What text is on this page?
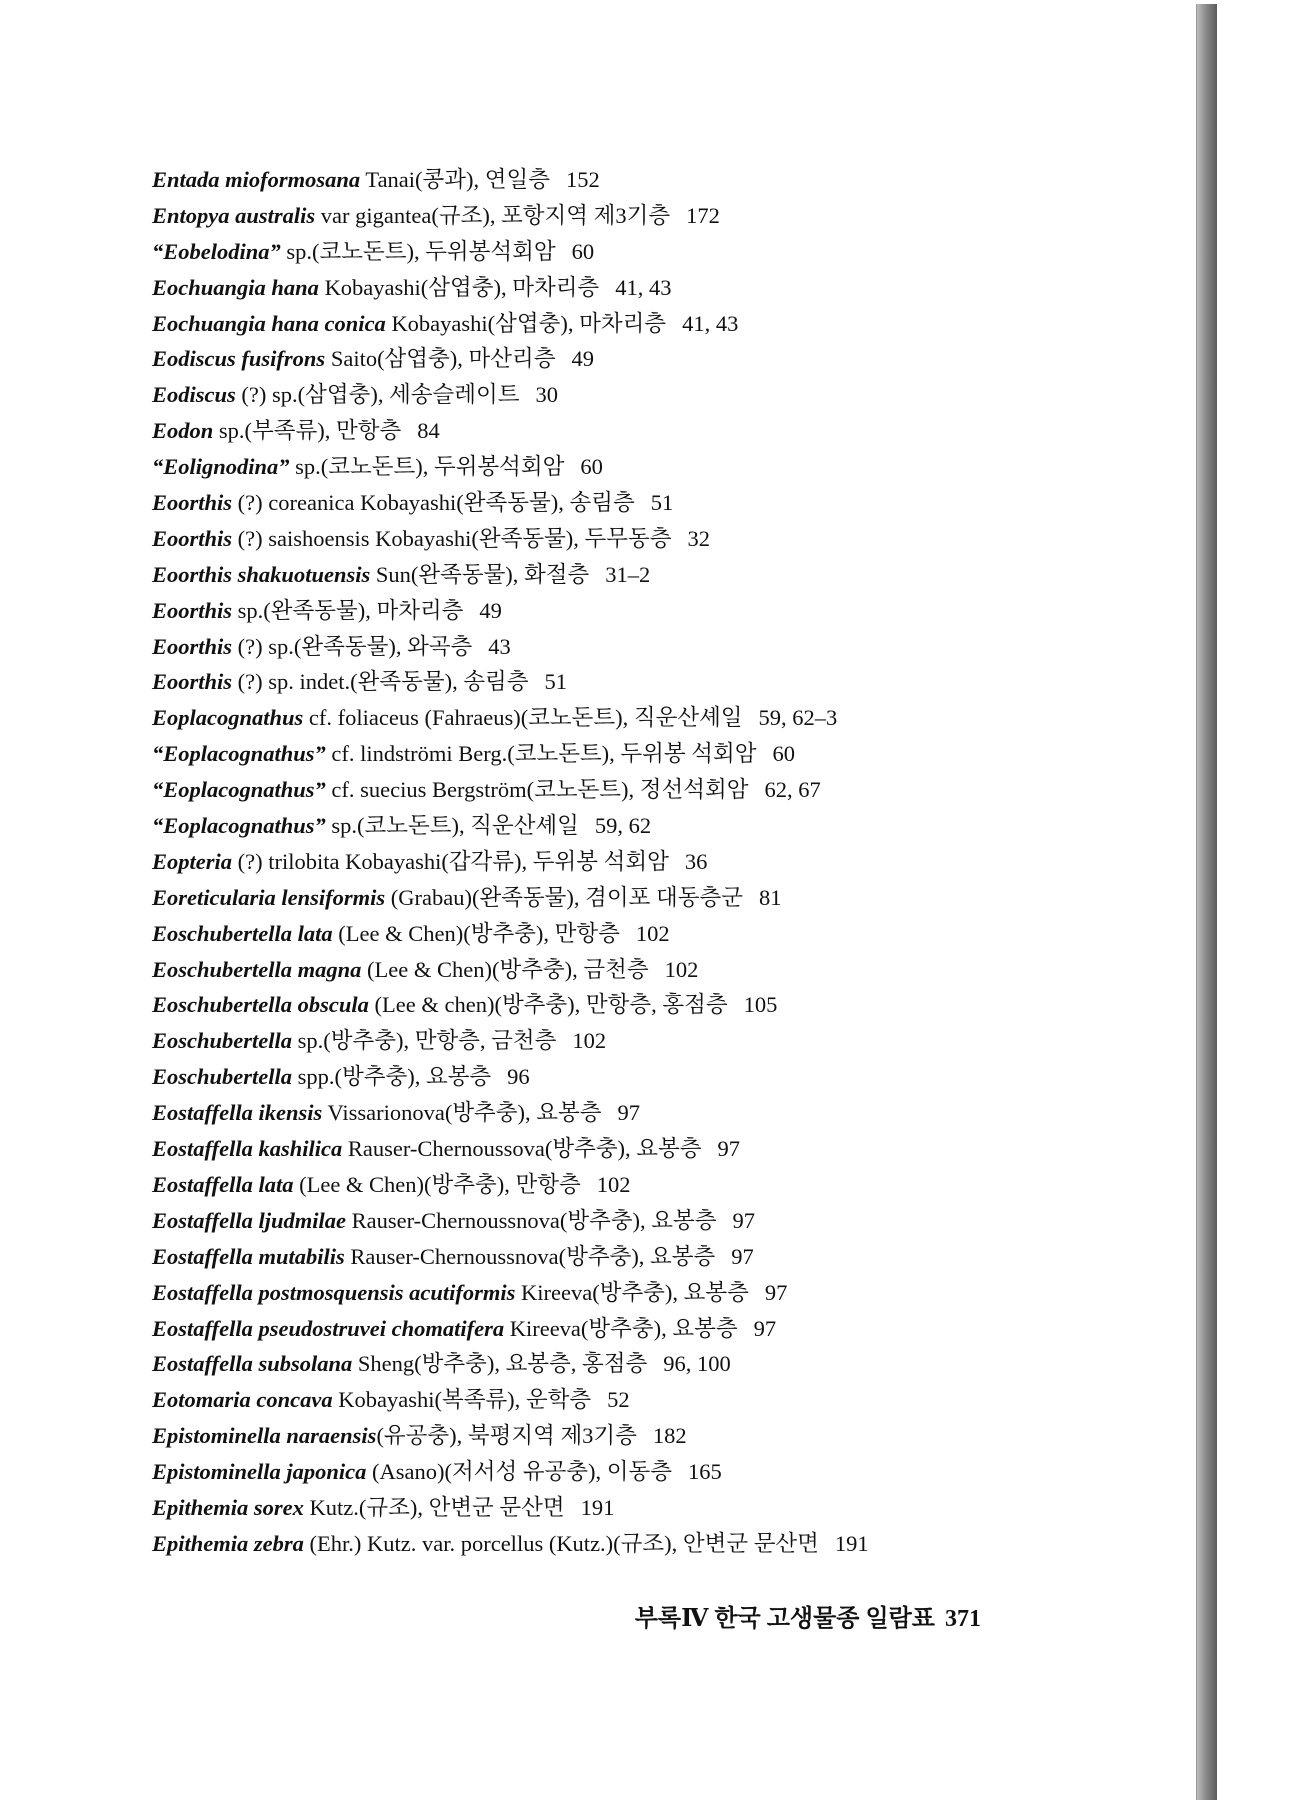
Entada mioformosana Tanai(콩과), 연일층 152
Entopya australis var gigantea(규조), 포항지역 제3기층 172
“Eobelodina” sp.(코노돈트), 두위봉석회암 60
Eochuangia hana Kobayashi(삼엽충), 마차리층 41, 43
Eochuangia hana conica Kobayashi(삼엽충), 마차리층 41, 43
Eodiscus fusifrons Saito(삼엽충), 마산리층 49
Eodiscus (?) sp.(삼엽충), 세송슬레이트 30
Eodon sp.(부족류), 만항층 84
“Eolignodina” sp.(코노돈트), 두위봉석회암 60
Eoorthis (?) coreanica Kobayashi(완족동물), 송림층 51
Eoorthis (?) saishoensis Kobayashi(완족동물), 두무동층 32
Eoorthis shakuotuensis Sun(완족동물), 화절층 31–2
Eoorthis sp.(완족동물), 마차리층 49
Eoorthis (?) sp.(완족동물), 와곡층 43
Eoorthis (?) sp. indet.(완족동물), 송림층 51
Eoplacognathus cf. foliaceus (Fahraeus)(코노돈트), 직운산셰일 59, 62–3
“Eoplacognathus” cf. lindströmi Berg.(코노돈트), 두위봉 석회암 60
“Eoplacognathus” cf. suecius Bergström(코노돈트), 정선석회암 62, 67
“Eoplacognathus” sp.(코노돈트), 직운산셰일 59, 62
Eopteria (?) trilobita Kobayashi(갑각류), 두위봉 석회암 36
Eoreticularia lensiformis (Grabau)(완족동물), 겸이포 대동층군 81
Eoschubertella lata (Lee & Chen)(방추충), 만항층 102
Eoschubertella magna (Lee & Chen)(방추충), 금천층 102
Eoschubertella obscula (Lee & chen)(방추충), 만항층, 홍점층 105
Eoschubertella sp.(방추충), 만항층, 금천층 102
Eoschubertella spp.(방추충), 요봉층 96
Eostaffella ikensis Vissarionova(방추충), 요봉층 97
Eostaffella kashilica Rauser-Chernoussova(방추충), 요봉층 97
Eostaffella lata (Lee & Chen)(방추충), 만항층 102
Eostaffella ljudmilae Rauser-Chernoussnova(방추충), 요봉층 97
Eostaffella mutabilis Rauser-Chernoussnova(방추충), 요봉층 97
Eostaffella postmosquensis acutiformis Kireeva(방추충), 요봉층 97
Eostaffella pseudostruvei chomatifera Kireeva(방추충), 요봉층 97
Eostaffella subsolana Sheng(방추충), 요봉층, 홍점층 96, 100
Eotomaria concava Kobayashi(복족류), 운학층 52
Epistominella naraensis(유공충), 북평지역 제3기층 182
Epistominella japonica (Asano)(저서성 유공충), 이동층 165
Epithemia sorex Kutz.(규조), 안변군 문산면 191
Epithemia zebra (Ehr.) Kutz. var. porcellus (Kutz.)(규조), 안변군 문산면 191
부록Ⅳ 한국 고생물종 일람표 371
